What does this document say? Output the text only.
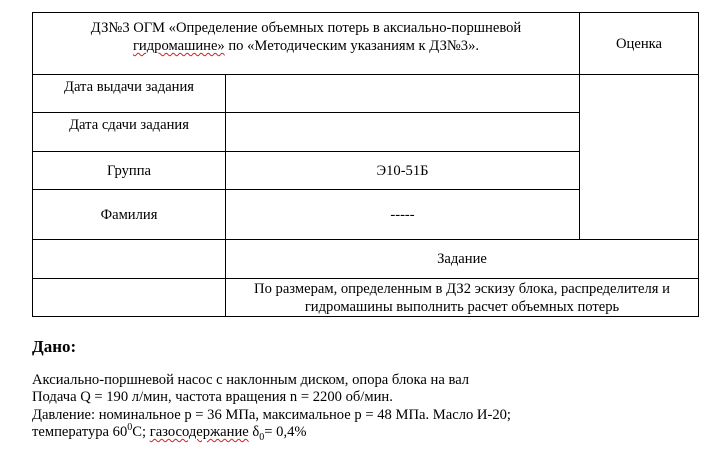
ДЗ№3 ОГМ «Определение объемных потерь в аксиально-поршневой
гидромашине» по «Методическим указаниям к ДЗ№3».		Оценка
Дата выдачи задания		
Дата сдачи задания		
Группа	Э10-51Б	
Фамилия	-----	
	Задание	

	По размерам, определенным в ДЗ2 эскизу блока, распределителя и
гидромашины выполнить расчет объемных потерь	
Дано:
Аксиально-поршневой насос с наклонным диском, опора блока на вал
Подача Q = 190 л/мин, частота вращения n = 2200 об/мин.
Давление: номинальное p = 36 МПа, максимальное p = 48 МПа. Масло И-20;
температура $60^0С$; газосодержание $\delta_0= 0,4\%$
